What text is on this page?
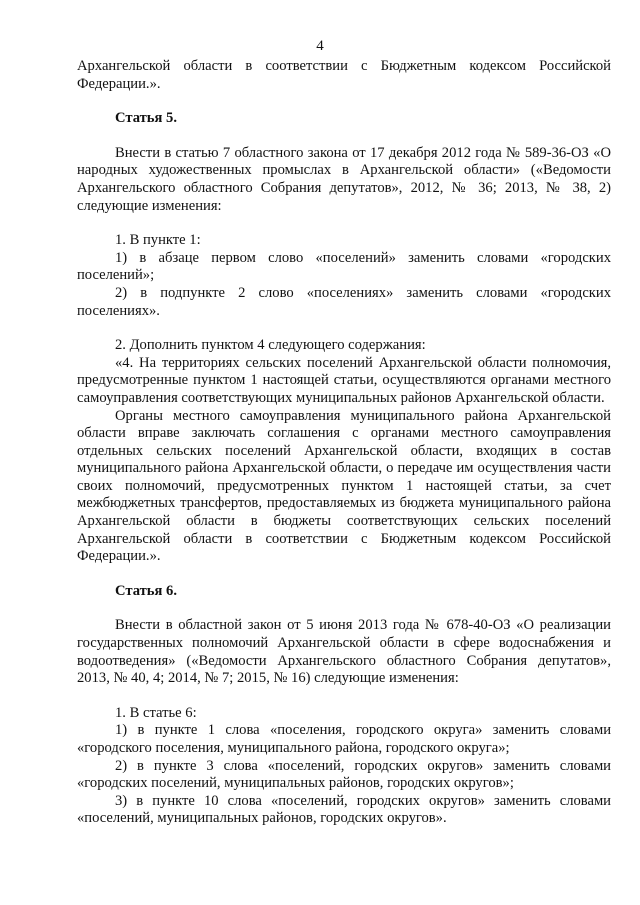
4

Архангельской области в соответствии с Бюджетным кодексом Российской Федерации.».

Статья 5.

Внести в статью 7 областного закона от 17 декабря 2012 года № 589-36-ОЗ «О народных художественных промыслах в Архангельской области» («Ведомости Архангельского областного Собрания депутатов», 2012, № 36; 2013, № 38, 2) следующие изменения:

1. В пункте 1:

1) в абзаце первом слово «поселений» заменить словами «городских поселений»;

2) в подпункте 2 слово «поселениях» заменить словами «городских поселениях».

2. Дополнить пунктом 4 следующего содержания:

«4. На территориях сельских поселений Архангельской области полномочия, предусмотренные пунктом 1 настоящей статьи, осуществляются органами местного самоуправления соответствующих муниципальных районов Архангельской области.

Органы местного самоуправления муниципального района Архангельской области вправе заключать соглашения с органами местного самоуправления отдельных сельских поселений Архангельской области, входящих в состав муниципального района Архангельской области, о передаче им осуществления части своих полномочий, предусмотренных пунктом 1 настоящей статьи, за счет межбюджетных трансфертов, предоставляемых из бюджета муниципального района Архангельской области в бюджеты соответствующих сельских поселений Архангельской области в соответствии с Бюджетным кодексом Российской Федерации.».

Статья 6.

Внести в областной закон от 5 июня 2013 года № 678-40-ОЗ «О реализации государственных полномочий Архангельской области в сфере водоснабжения и водоотведения» («Ведомости Архангельского областного Собрания депутатов», 2013, № 40, 4; 2014, № 7; 2015, № 16) следующие изменения:

1. В статье 6:

1) в пункте 1 слова «поселения, городского округа» заменить словами «городского поселения, муниципального района, городского округа»;

2) в пункте 3 слова «поселений, городских округов» заменить словами «городских поселений, муниципальных районов, городских округов»;

3) в пункте 10 слова «поселений, городских округов» заменить словами «поселений, муниципальных районов, городских округов».
